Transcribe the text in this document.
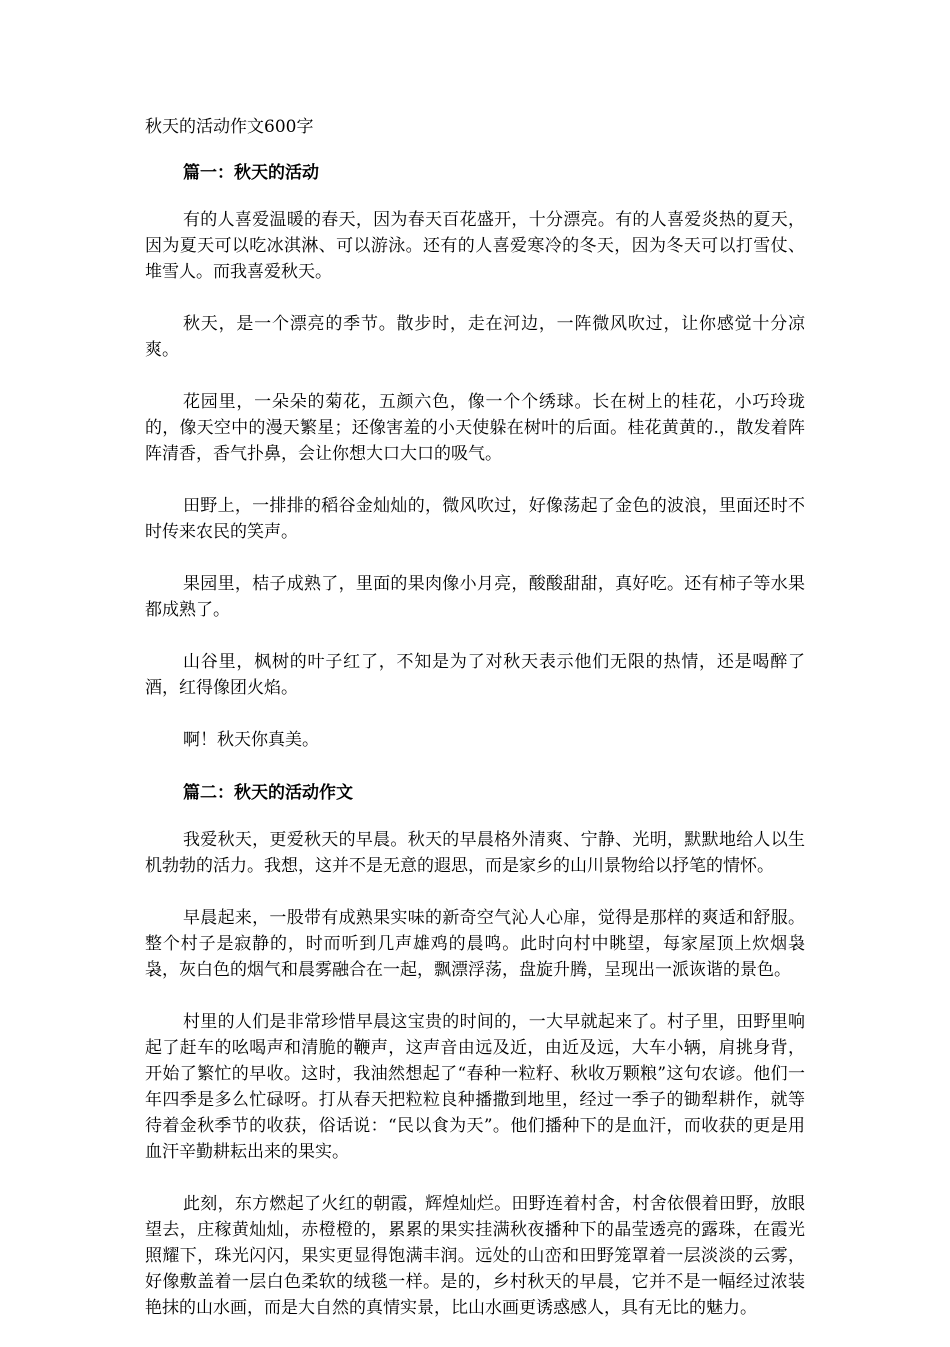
秋天的活动作文600字

篇一：秋天的活动

有的人喜爱温暖的春天，因为春天百花盛开，十分漂亮。有的人喜爱炎热的夏天，因为夏天可以吃冰淇淋、可以游泳。还有的人喜爱寒冷的冬天，因为冬天可以打雪仗、堆雪人。而我喜爱秋天。

秋天，是一个漂亮的季节。散步时，走在河边，一阵微风吹过，让你感觉十分凉爽。

花园里，一朵朵的菊花，五颜六色，像一个个绣球。长在树上的桂花，小巧玲珑的，像天空中的漫天繁星；还像害羞的小天使躲在树叶的后面。桂花黄黄的.，散发着阵阵清香，香气扑鼻，会让你想大口大口的吸气。

田野上，一排排的稻谷金灿灿的，微风吹过，好像荡起了金色的波浪，里面还时不时传来农民的笑声。

果园里，桔子成熟了，里面的果肉像小月亮，酸酸甜甜，真好吃。还有柿子等水果都成熟了。

山谷里，枫树的叶子红了，不知是为了对秋天表示他们无限的热情，还是喝醉了酒，红得像团火焰。

啊！秋天你真美。

篇二：秋天的活动作文

我爱秋天，更爱秋天的早晨。秋天的早晨格外清爽、宁静、光明，默默地给人以生机勃勃的活力。我想，这并不是无意的遐思，而是家乡的山川景物给以抒笔的情怀。

早晨起来，一股带有成熟果实味的新奇空气沁人心扉，觉得是那样的爽适和舒服。整个村子是寂静的，时而听到几声雄鸡的晨鸣。此时向村中眺望，每家屋顶上炊烟袅袅，灰白色的烟气和晨雾融合在一起，飘漂浮荡，盘旋升腾，呈现出一派诙谐的景色。

村里的人们是非常珍惜早晨这宝贵的时间的，一大早就起来了。村子里，田野里响起了赶车的吆喝声和清脆的鞭声，这声音由远及近，由近及远，大车小辆，肩挑身背，开始了繁忙的早收。这时，我油然想起了“春种一粒籽、秋收万颗粮”这句农谚。他们一年四季是多么忙碌呀。打从春天把粒粒良种播撒到地里，经过一季子的锄犁耕作，就等待着金秋季节的收获，俗话说：“民以食为天”。他们播种下的是血汗，而收获的更是用血汗辛勤耕耘出来的果实。

此刻，东方燃起了火红的朝霞，辉煌灿烂。田野连着村舍，村舍依偎着田野，放眼望去，庄稼黄灿灿，赤橙橙的，累累的果实挂满秋夜播种下的晶莹透亮的露珠，在霞光照耀下，珠光闪闪，果实更显得饱满丰润。远处的山峦和田野笼罩着一层淡淡的云雾，好像敷盖着一层白色柔软的绒毯一样。是的，乡村秋天的早晨，它并不是一幅经过浓装艳抹的山水画，而是大自然的真情实景，比山水画更诱惑感人，具有无比的魅力。
